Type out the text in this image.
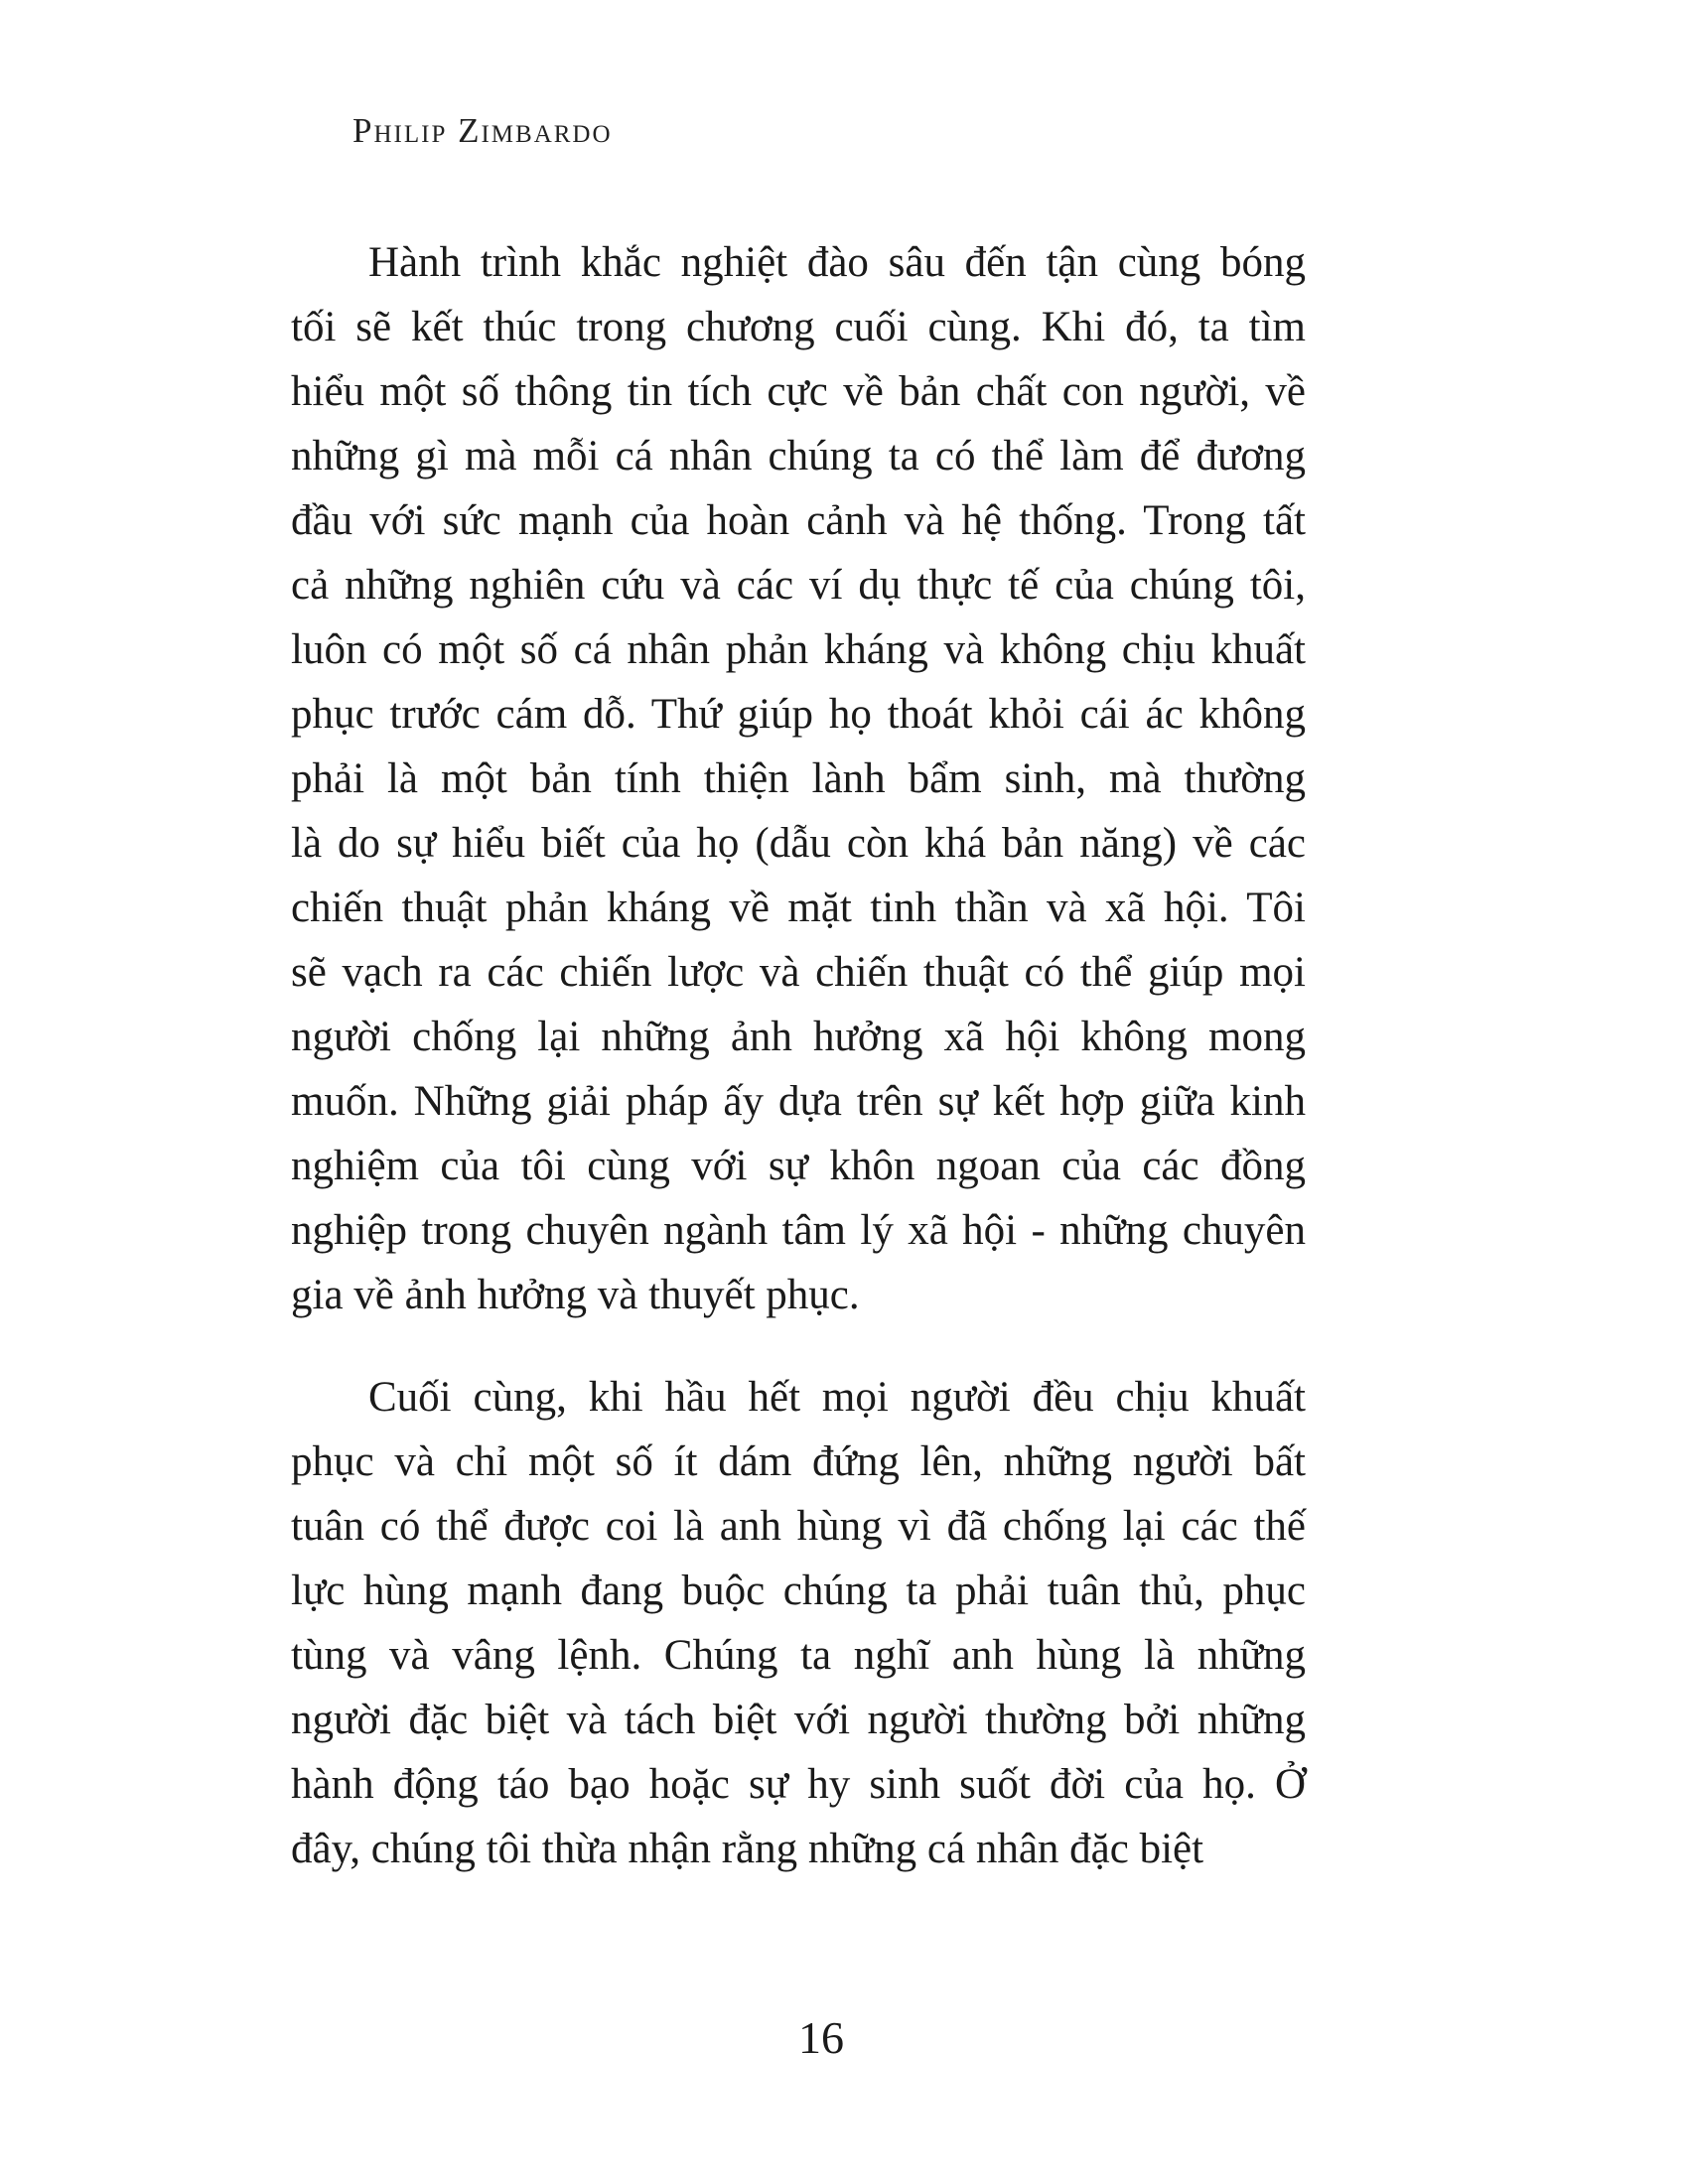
Philip Zimbardo
Hành trình khắc nghiệt đào sâu đến tận cùng bóng
tối sẽ kết thúc trong chương cuối cùng. Khi đó, ta tìm
hiểu một số thông tin tích cực về bản chất con người, về
những gì mà mỗi cá nhân chúng ta có thể làm để đương
đầu với sức mạnh của hoàn cảnh và hệ thống. Trong tất
cả những nghiên cứu và các ví dụ thực tế của chúng tôi,
luôn có một số cá nhân phản kháng và không chịu khuất
phục trước cám dỗ. Thứ giúp họ thoát khỏi cái ác không
phải là một bản tính thiện lành bẩm sinh, mà thường
là do sự hiểu biết của họ (dẫu còn khá bản năng) về các
chiến thuật phản kháng về mặt tinh thần và xã hội. Tôi
sẽ vạch ra các chiến lược và chiến thuật có thể giúp mọi
người chống lại những ảnh hưởng xã hội không mong
muốn. Những giải pháp ấy dựa trên sự kết hợp giữa kinh
nghiệm của tôi cùng với sự khôn ngoan của các đồng
nghiệp trong chuyên ngành tâm lý xã hội - những chuyên
gia về ảnh hưởng và thuyết phục.
Cuối cùng, khi hầu hết mọi người đều chịu khuất
phục và chỉ một số ít dám đứng lên, những người bất
tuân có thể được coi là anh hùng vì đã chống lại các thế
lực hùng mạnh đang buộc chúng ta phải tuân thủ, phục
tùng và vâng lệnh. Chúng ta nghĩ anh hùng là những
người đặc biệt và tách biệt với người thường bởi những
hành động táo bạo hoặc sự hy sinh suốt đời của họ. Ở
đây, chúng tôi thừa nhận rằng những cá nhân đặc biệt
16
